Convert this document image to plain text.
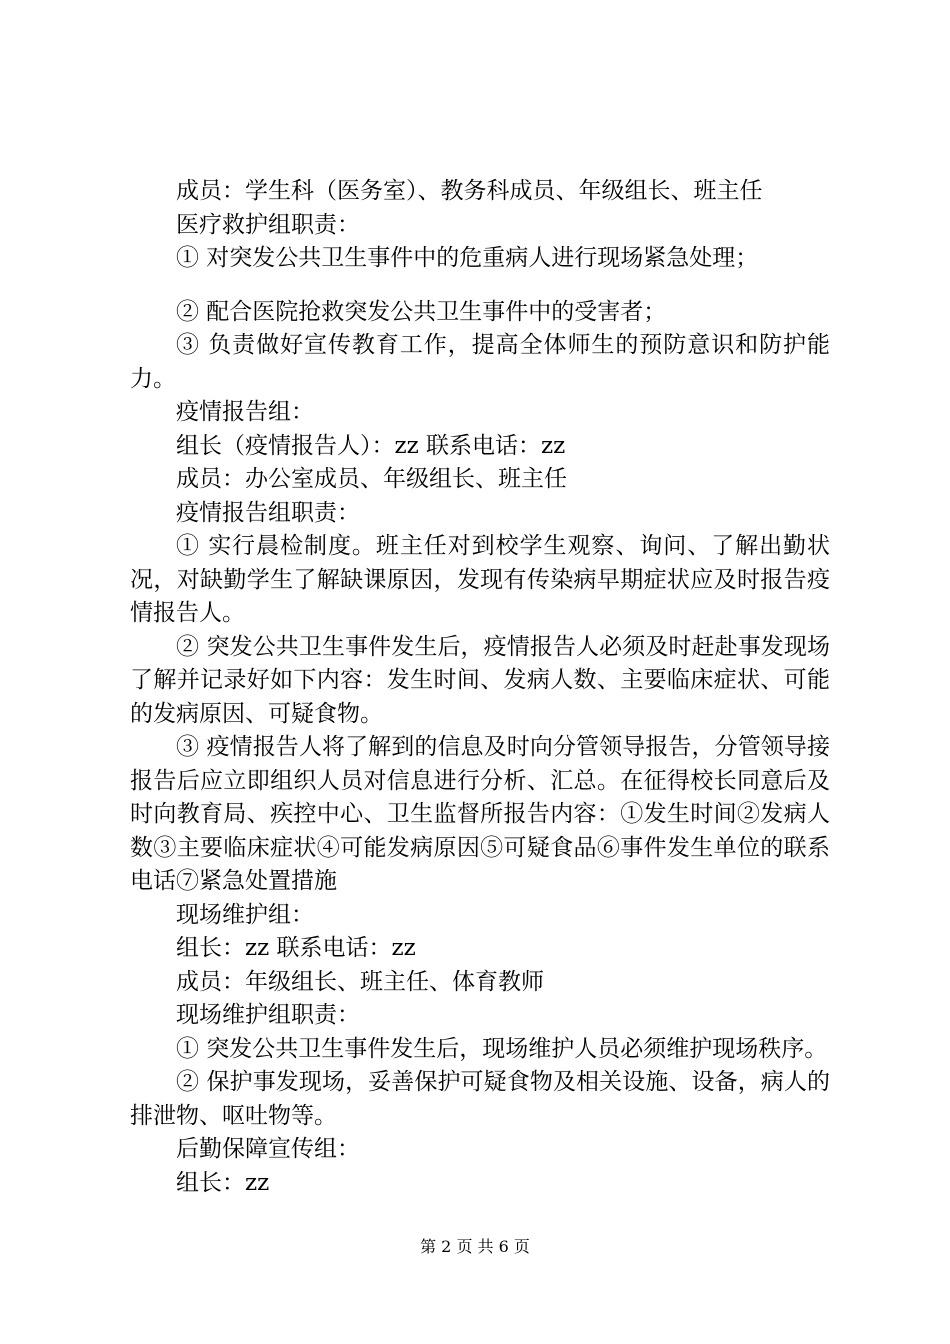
成员：学生科（医务室）、教务科成员、年级组长、班主任

医疗救护组职责：

① 对突发公共卫生事件中的危重病人进行现场紧急处理；

② 配合医院抢救突发公共卫生事件中的受害者；

③ 负责做好宣传教育工作，提高全体师生的预防意识和防护能力。

疫情报告组：

组长（疫情报告人）：zz 联系电话：zz

成员：办公室成员、年级组长、班主任

疫情报告组职责：

① 实行晨检制度。班主任对到校学生观察、询问、了解出勤状况，对缺勤学生了解缺课原因，发现有传染病早期症状应及时报告疫情报告人。

② 突发公共卫生事件发生后，疫情报告人必须及时赶赴事发现场了解并记录好如下内容：发生时间、发病人数、主要临床症状、可能的发病原因、可疑食物。

③ 疫情报告人将了解到的信息及时向分管领导报告，分管领导接报告后应立即组织人员对信息进行分析、汇总。在征得校长同意后及时向教育局、疾控中心、卫生监督所报告内容：①发生时间②发病人数③主要临床症状④可能发病原因⑤可疑食品⑥事件发生单位的联系电话⑦紧急处置措施

现场维护组：

组长：zz 联系电话：zz

成员：年级组长、班主任、体育教师

现场维护组职责：

① 突发公共卫生事件发生后，现场维护人员必须维护现场秩序。

② 保护事发现场，妥善保护可疑食物及相关设施、设备，病人的排泄物、呕吐物等。

后勤保障宣传组：

组长：zz

第 2 页 共 6 页
